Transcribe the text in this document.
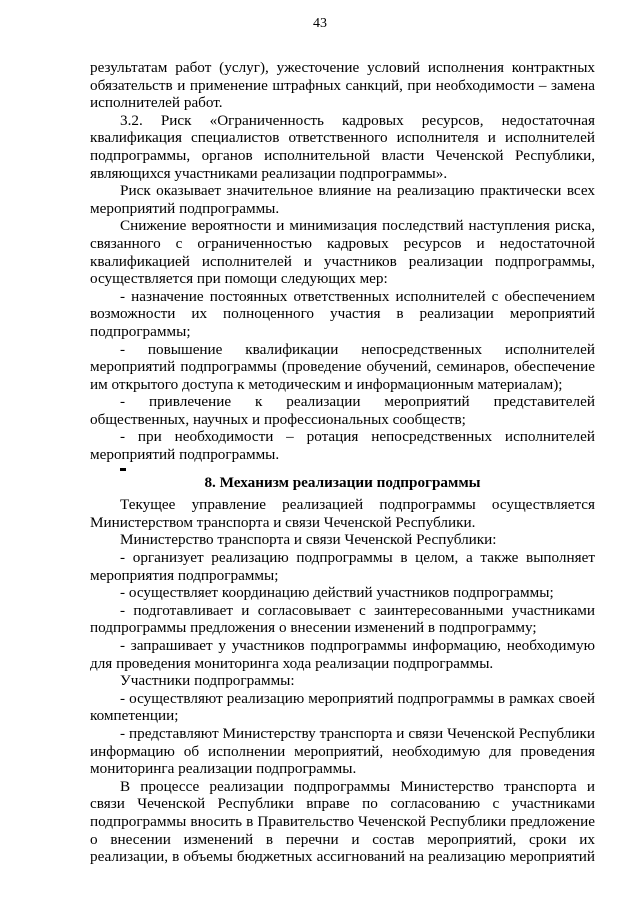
43

результатам работ (услуг), ужесточение условий исполнения контрактных обязательств и применение штрафных санкций, при необходимости – замена исполнителей работ.

3.2. Риск «Ограниченность кадровых ресурсов, недостаточная квалификация специалистов ответственного исполнителя и исполнителей подпрограммы, органов исполнительной власти Чеченской Республики, являющихся участниками реализации подпрограммы».

Риск оказывает значительное влияние на реализацию практически всех мероприятий подпрограммы.

Снижение вероятности и минимизация последствий наступления риска, связанного с ограниченностью кадровых ресурсов и недостаточной квалификацией исполнителей и участников реализации подпрограммы, осуществляется при помощи следующих мер:

- назначение постоянных ответственных исполнителей с обеспечением возможности их полноценного участия в реализации мероприятий подпрограммы;

- повышение квалификации непосредственных исполнителей мероприятий подпрограммы (проведение обучений, семинаров, обеспечение им открытого доступа к методическим и информационным материалам);

- привлечение к реализации мероприятий представителей общественных, научных и профессиональных сообществ;

- при необходимости – ротация непосредственных исполнителей мероприятий подпрограммы.

8. Механизм реализации подпрограммы

Текущее управление реализацией подпрограммы осуществляется Министерством транспорта и связи Чеченской Республики.

Министерство транспорта и связи Чеченской Республики:

- организует реализацию подпрограммы в целом, а также выполняет мероприятия подпрограммы;

- осуществляет координацию действий участников подпрограммы;

- подготавливает и согласовывает с заинтересованными участниками подпрограммы предложения о внесении изменений в подпрограмму;

- запрашивает у участников подпрограммы информацию, необходимую для проведения мониторинга хода реализации подпрограммы.

Участники подпрограммы:

- осуществляют реализацию мероприятий подпрограммы в рамках своей компетенции;

- представляют Министерству транспорта и связи Чеченской Республики информацию об исполнении мероприятий, необходимую для проведения мониторинга реализации подпрограммы.

В процессе реализации подпрограммы Министерство транспорта и связи Чеченской Республики вправе по согласованию с участниками подпрограммы вносить в Правительство Чеченской Республики предложение о внесении изменений в перечни и состав мероприятий, сроки их реализации, в объемы бюджетных ассигнований на реализацию мероприятий
